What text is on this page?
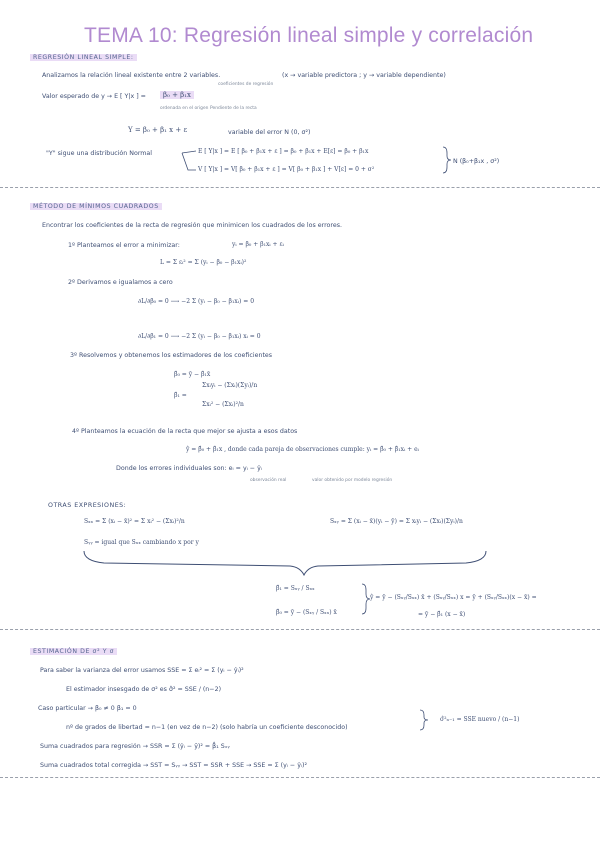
TEMA 10: Regresión lineal simple y correlación
REGRESIÓN LINEAL SIMPLE:
Analizamos la relación lineal existente entre 2 variables.	(x → variable predictora ; y → variable dependiente)
Valor esperado de y → E [ Y|x ] =	β₀ + β₁x
coeficientes de regresión
ordenada en el origen Pendiente de la recta
Y = β₀ + β₁ x + ε	variable del error N (0, σ²)
"Y" sigue una distribución Normal	E [ Y|x ] = E [ β₀ + β₁x + ε ] = β₀ + β₁x + E[ε] = β₀ + β₁x
V [ Y|x ] = V[ β₀ + β₁x + ε ] = V[ β₀ + β₁x ] + V[ε] = 0 + σ²
N (β₀+β₁x , σ²)
MÉTODO DE MÍNIMOS CUADRADOS
Encontrar los coeficientes de la recta de regresión que minimicen los cuadrados de los errores.
1º Planteamos el error a minimizar:	yᵢ = β₀ + β₁xᵢ + εᵢ
L = Σ εᵢ² = Σ (yᵢ − β₀ − β₁xᵢ)²
2º Derivamos e igualamos a cero
∂L/∂β₀ = 0 ⟶ −2 Σ (yᵢ − β₀ − β₁xᵢ) = 0
∂L/∂β₁ = 0 ⟶ −2 Σ (yᵢ − β₀ − β₁xᵢ) xᵢ = 0
3º Resolvemos y obtenemos los estimadores de los coeficientes
β̂₀ = ȳ − β̂₁x̄
β̂₁ =
Σxᵢyᵢ − (Σxᵢ)(Σyᵢ)/n
Σxᵢ² − (Σxᵢ)²/n
4º Planteamos la ecuación de la recta que mejor se ajusta a esos datos
ŷ = β̂₀ + β̂₁x , donde cada pareja de observaciones cumple: yᵢ = β̂₀ + β̂₁xᵢ + eᵢ
Donde los errores individuales son: eᵢ = yᵢ − ŷᵢ
observación real	valor obtenido por modelo regresión
OTRAS EXPRESIONES:
Sₓₓ = Σ (xᵢ − x̄)² = Σ xᵢ² − (Σxᵢ)²/n	Sₓᵧ = Σ (xᵢ − x̄)(yᵢ − ȳ) = Σ xᵢyᵢ − (Σxᵢ)(Σyᵢ)/n
Sᵧᵧ = igual que Sₓₓ cambiando x por y
β̂₁ = Sₓᵧ / Sₓₓ
β̂₀ = ȳ − (Sₓᵧ / Sₓₓ) x̄
ŷ = ȳ − (Sₓᵧ/Sₓₓ) x̄ + (Sₓᵧ/Sₓₓ) x = ȳ + (Sₓᵧ/Sₓₓ)(x − x̄) =
= ȳ − β̂₁ (x − x̄)
ESTIMACIÓN DE σ² Y σ
Para saber la varianza del error usamos SSE = Σ eᵢ² = Σ (yᵢ − ŷᵢ)²
El estimador insesgado de σ² es σ̂² = SSE / (n−2)
Caso particular → β₀ ≠ 0 β₁ = 0
nº de grados de libertad = n−1 (en vez de n−2) (solo habría un coeficiente desconocido)
σ̂²ₙ₋₁ = SSE nuevo / (n−1)
Suma cuadrados para regresión → SSR = Σ (ŷᵢ − ȳ)² = β̂₁ Sₓᵧ
Suma cuadrados total corregida → SST = Sᵧᵧ → SST = SSR + SSE → SSE = Σ (yᵢ − ŷᵢ)²
